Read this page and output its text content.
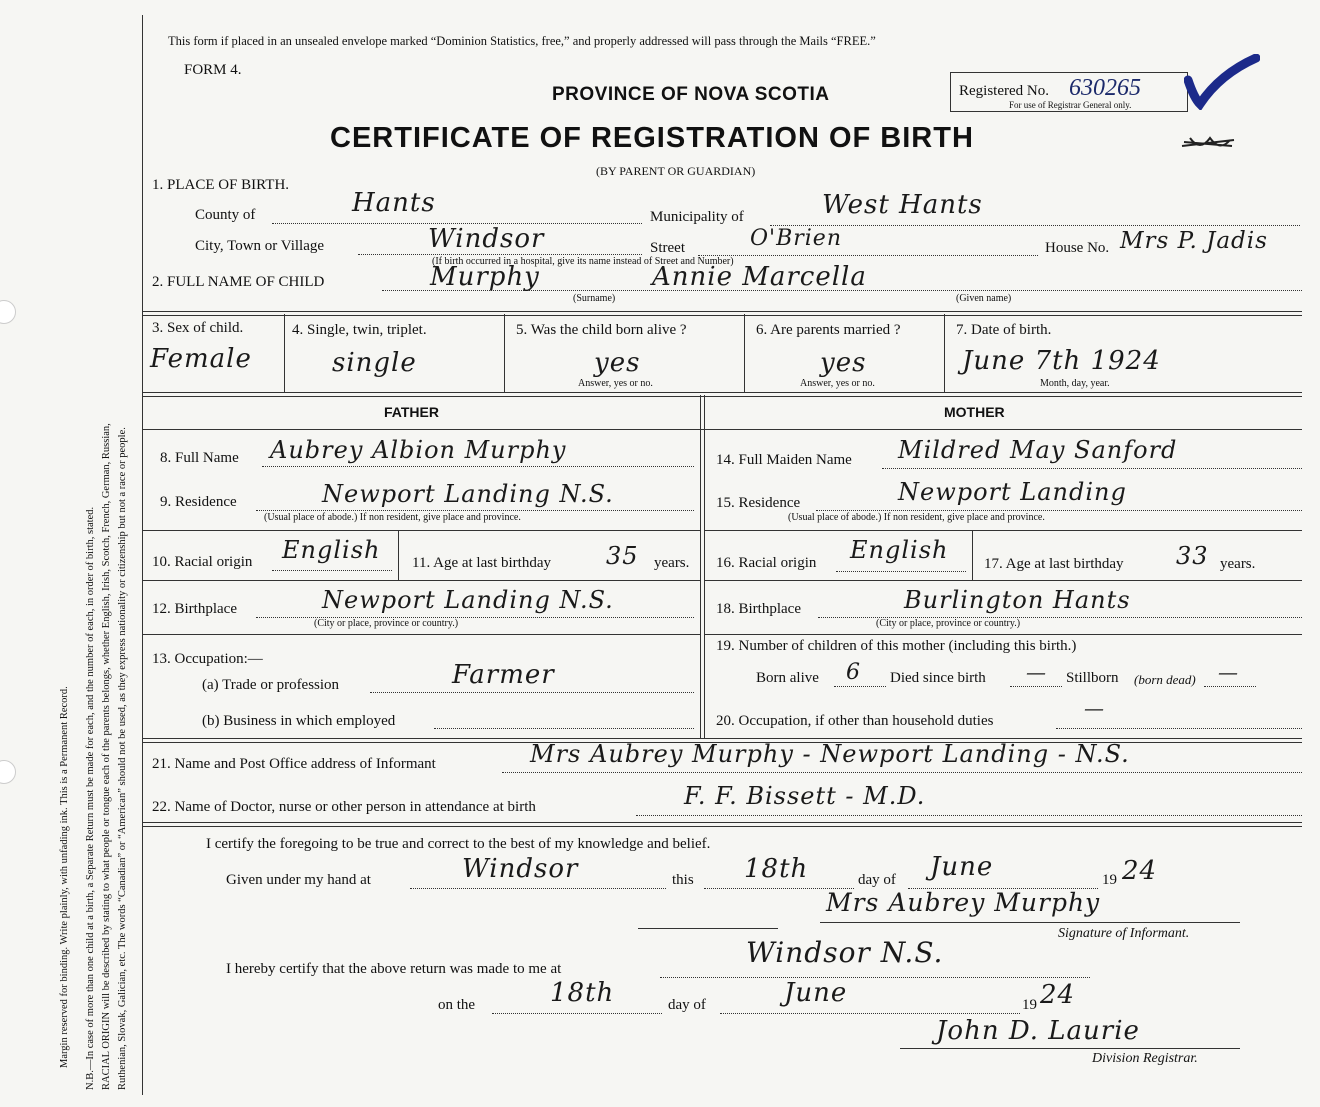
Margin reserved for binding. Write plainly, with unfading ink. This is a Permanent Record. N.B.—In case of more than one child at a birth, a Separate Return must be made for each, and the number of each, in order of birth, stated. RACIAL ORIGIN will be described by stating to what people or tongue each of the parents belongs, whether English, Irish, Scotch, French, German, Russian, Ruthenian, Slovak, Galician, etc. The words “Canadian” or “American” should not be used, as they express nationality or citizenship but not a race or people.
This form if placed in an unsealed envelope marked “Dominion Statistics, free,” and properly addressed will pass through the Mails “FREE.”
FORM 4.
PROVINCE OF NOVA SCOTIA
CERTIFICATE OF REGISTRATION OF BIRTH
(BY PARENT OR GUARDIAN)
Registered No. 630265
For use of Registrar General only.
1. PLACE OF BIRTH.
County of	Hants	Municipality of	West Hants
City, Town or Village	Windsor	Street	O'Brien	House No. Mrs P. Jadis
(If birth occurred in a hospital, give its name instead of Street and Number)
2. FULL NAME OF CHILD	Murphy	Annie Marcella
(Surname)	(Given name)
3. Sex of child.
Female
4. Single, twin, triplet.
single
5. Was the child born alive ?
yes
Answer, yes or no.
6. Are parents married ?
yes
Answer, yes or no.
7. Date of birth.
June 7th 1924
Month, day, year.
FATHER	MOTHER
8. Full Name Aubrey Albion Murphy
9. Residence	Newport Landing N.S.
(Usual place of abode.) If non resident, give place and province.
10. Racial origin English 11. Age at last birthday 35 years.
12. Birthplace	Newport Landing N.S.
(City or place, province or country.)
13. Occupation:—
(a) Trade or profession	Farmer
(b) Business in which employed
14. Full Maiden Name Mildred May Sanford
15. Residence	Newport Landing
(Usual place of abode.) If non resident, give place and province.
16. Racial origin English 17. Age at last birthday 33 years.
18. Birthplace	Burlington Hants
(City or place, province or country.)
19. Number of children of this mother (including this birth.)
Born alive 6 Died since birth — Stillborn (born dead) —
20. Occupation, if other than household duties
—
21. Name and Post Office address of Informant	Mrs Aubrey Murphy - Newport Landing - N.S.
22. Name of Doctor, nurse or other person in attendance at birth	F. F. Bissett - M.D.
I certify the foregoing to be true and correct to the best of my knowledge and belief.
Given under my hand at	Windsor	this 18th	day of June	19 24
Mrs Aubrey Murphy
Signature of Informant.
I hereby certify that the above return was made to me at	Windsor N.S.
on the	18th	day of	June	19 24
John D. Laurie
Division Registrar.
